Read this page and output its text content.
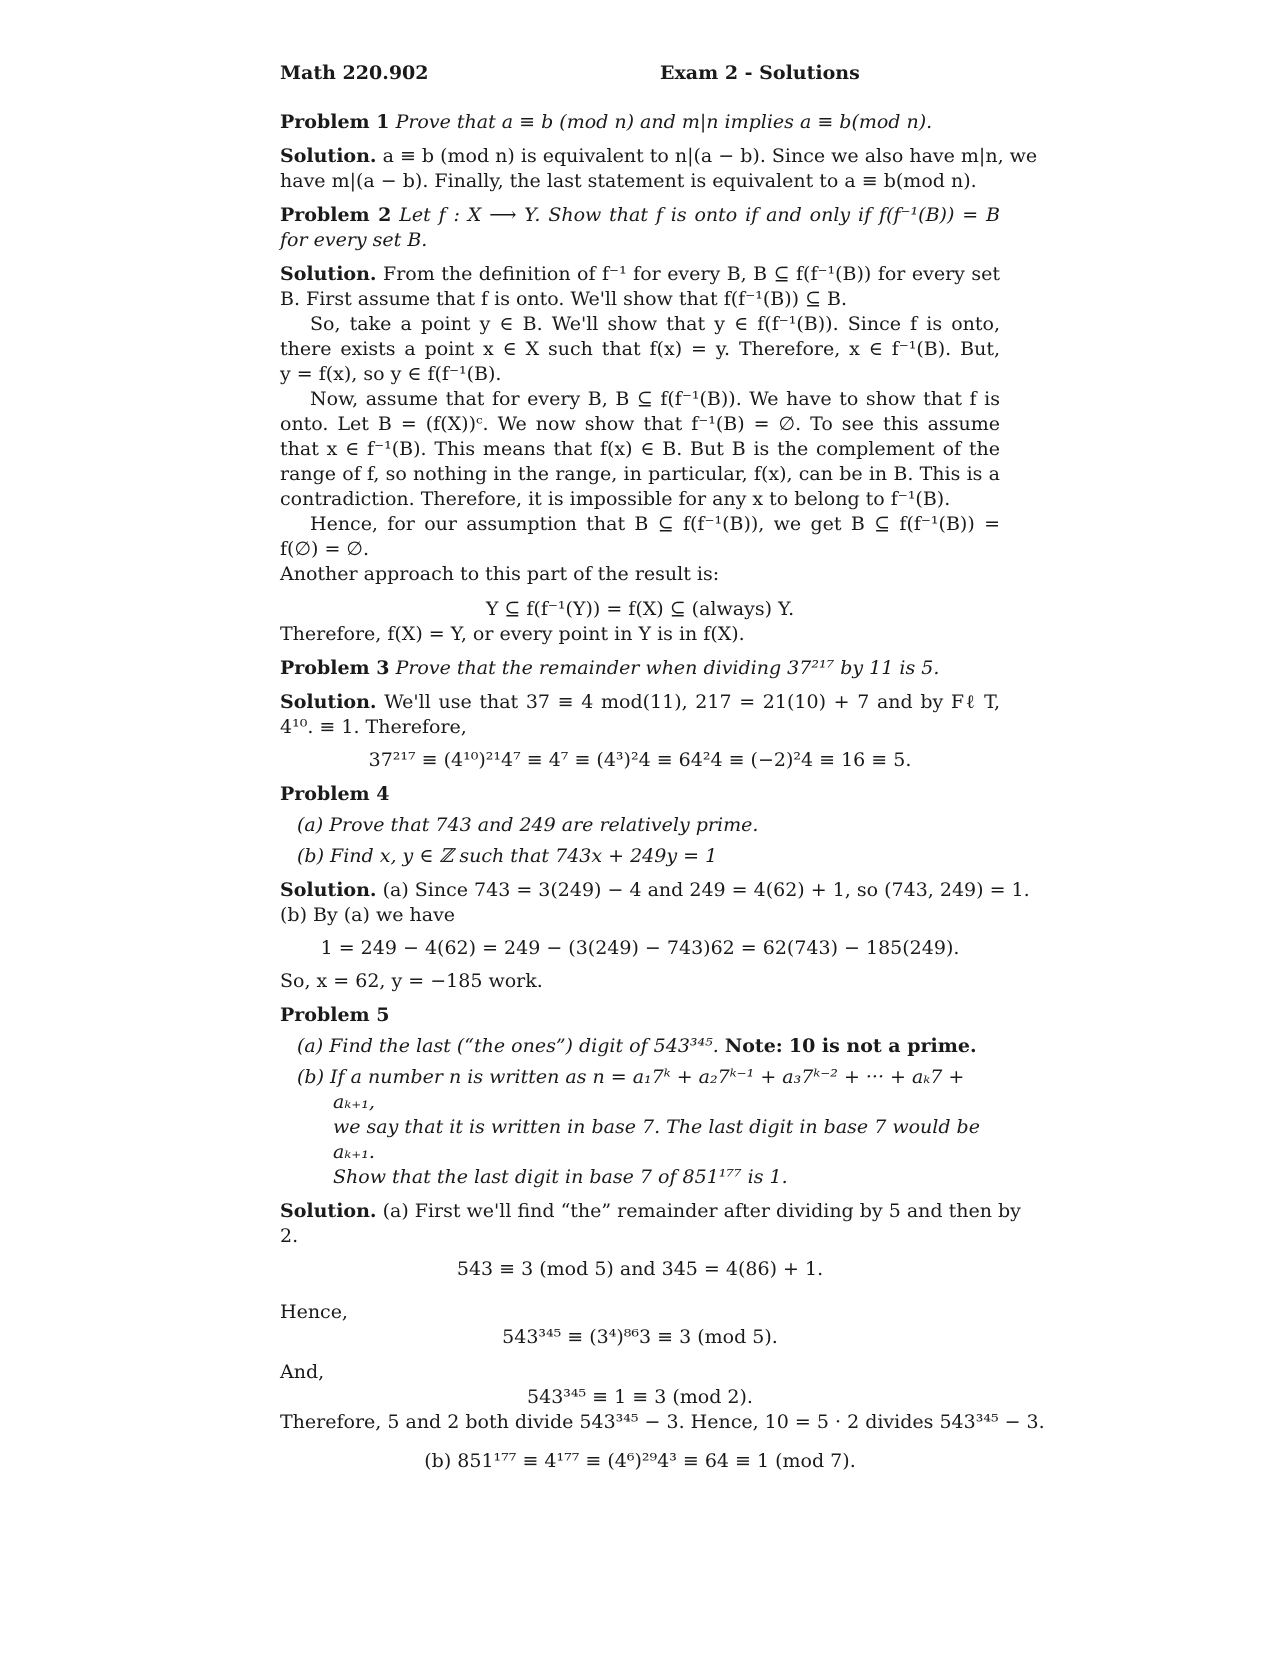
Math 220.902	Exam 2 - Solutions
Problem 1 Prove that a ≡ b (mod n) and m|n implies a ≡ b(mod n).
Solution. a ≡ b (mod n) is equivalent to n|(a − b). Since we also have m|n, we
have m|(a − b). Finally, the last statement is equivalent to a ≡ b(mod n).
Problem 2 Let f : X ⟶ Y. Show that f is onto if and only if f(f⁻¹(B)) = B
for every set B.
Solution. From the definition of f⁻¹ for every B, B ⊆ f(f⁻¹(B)) for every set
B. First assume that f is onto. We'll show that f(f⁻¹(B)) ⊆ B.
So, take a point y ∈ B. We'll show that y ∈ f(f⁻¹(B)). Since f is onto,
there exists a point x ∈ X such that f(x) = y. Therefore, x ∈ f⁻¹(B). But,
y = f(x), so y ∈ f(f⁻¹(B).
Now, assume that for every B, B ⊆ f(f⁻¹(B)). We have to show that f is
onto. Let B = (f(X))ᶜ. We now show that f⁻¹(B) = ∅. To see this assume
that x ∈ f⁻¹(B). This means that f(x) ∈ B. But B is the complement of the
range of f, so nothing in the range, in particular, f(x), can be in B. This is a
contradiction. Therefore, it is impossible for any x to belong to f⁻¹(B).
Hence, for our assumption that B ⊆ f(f⁻¹(B)), we get B ⊆ f(f⁻¹(B)) =
f(∅) = ∅.
Another approach to this part of the result is:
Y ⊆ f(f⁻¹(Y)) = f(X) ⊆ (always) Y.
Therefore, f(X) = Y, or every point in Y is in f(X).
Problem 3 Prove that the remainder when dividing 37²¹⁷ by 11 is 5.
Solution. We'll use that 37 ≡ 4 mod(11), 217 = 21(10) + 7 and by Fℓ T,
4¹⁰. ≡ 1. Therefore,
37²¹⁷ ≡ (4¹⁰)²¹4⁷ ≡ 4⁷ ≡ (4³)²4 ≡ 64²4 ≡ (−2)²4 ≡ 16 ≡ 5.
Problem 4
(a) Prove that 743 and 249 are relatively prime.
(b) Find x, y ∈ ℤ such that 743x + 249y = 1
Solution. (a) Since 743 = 3(249) − 4 and 249 = 4(62) + 1, so (743, 249) = 1.
(b) By (a) we have
1 = 249 − 4(62) = 249 − (3(249) − 743)62 = 62(743) − 185(249).
So, x = 62, y = −185 work.
Problem 5
(a) Find the last (“the ones”) digit of 543³⁴⁵. Note: 10 is not a prime.
(b) If a number n is written as n = a₁7ᵏ + a₂7ᵏ⁻¹ + a₃7ᵏ⁻² + ··· + aₖ7 + aₖ₊₁,
we say that it is written in base 7. The last digit in base 7 would be aₖ₊₁.
Show that the last digit in base 7 of 851¹⁷⁷ is 1.
Solution. (a) First we'll find “the” remainder after dividing by 5 and then by
2.
543 ≡ 3 (mod 5) and 345 = 4(86) + 1.
Hence,
543³⁴⁵ ≡ (3⁴)⁸⁶3 ≡ 3 (mod 5).
And,
543³⁴⁵ ≡ 1 ≡ 3 (mod 2).
Therefore, 5 and 2 both divide 543³⁴⁵ − 3. Hence, 10 = 5 · 2 divides 543³⁴⁵ − 3.
(b) 851¹⁷⁷ ≡ 4¹⁷⁷ ≡ (4⁶)²⁹4³ ≡ 64 ≡ 1 (mod 7).
